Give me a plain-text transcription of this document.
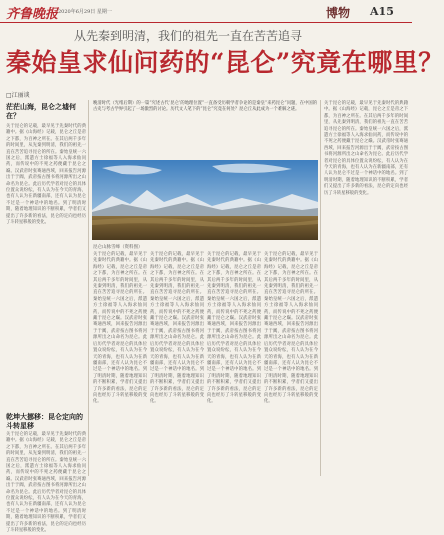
齐鲁晚报 2020年6月29日 星期一	博物 A15
从先秦到明清，我们的祖先一直在苦苦追寻
秦始皇求仙问药的“昆仑”究竟在哪里？
□江丽谈
茫茫山海，昆仑之墟何在？
关于昆仑的记载，最早见于先秦时代的典籍中。据《山海经》记载，昆仑之丘是帝之下都，为百神之所在。在其后两千多年的时间里，从先秦到明清，我们的祖先一直在苦苦追寻昆仑的所在。秦始皇统一六国之后，派遣方士徐福等人入海求仙问药，而传说中的不死之药便藏于昆仑之巅。汉武帝时张骞通西域，回来报告河源出于于阗，武帝按古图书将河源所出之山命名为昆仑。此后历代学者对昆仑的具体位置众说纷纭，有人认为在今天的青海，也有人认为在新疆南部，还有人认为昆仑不过是一个神话中的地名。到了明清时期，随着地理知识的不断积累，学者们又提出了许多新的看法，昆仑的定向也经历了斗转星移般的变化。
乾坤大挪移：昆仑定向的斗转星移
关于昆仑的记载，最早见于先秦时代的典籍中。据《山海经》记载，昆仑之丘是帝之下都，为百神之所在。在其后两千多年的时间里，从先秦到明清，我们的祖先一直在苦苦追寻昆仑的所在。秦始皇统一六国之后，派遣方士徐福等人入海求仙问药，而传说中的不死之药便藏于昆仑之巅。汉武帝时张骞通西域，回来报告河源出于于阗，武帝按古图书将河源所出之山命名为昆仑。此后历代学者对昆仑的具体位置众说纷纭，有人认为在今天的青海，也有人认为在新疆南部，还有人认为昆仑不过是一个神话中的地名。到了明清时期，随着地理知识的不断积累，学者们又提出了许多新的看法，昆仑的定向也经历了斗转星移般的变化。
晚清时代（光绪后期）的一篇“究述古代‘昆仑’的地理位置”一直备受历朝学者争论的是秦皇“来药昆仑”问题，在中国的古史与考古学界引起了一场激烈的讨论。历代文人笔下的“昆仑”究竟在何处？昆仑丘从此成为一个难解之谜。
昆仑山脉雪峰（资料图）
关于昆仑的记载，最早见于先秦时代的典籍中。据《山海经》记载，昆仑之丘是帝之下都，为百神之所在。在其后两千多年的时间里，从先秦到明清，我们的祖先一直在苦苦追寻昆仑的所在。秦始皇统一六国之后，派遣方士徐福等人入海求仙问药，而传说中的不死之药便藏于昆仑之巅。汉武帝时张骞通西域，回来报告河源出于于阗，武帝按古图书将河源所出之山命名为昆仑。此后历代学者对昆仑的具体位置众说纷纭，有人认为在今天的青海，也有人认为在新疆南部，还有人认为昆仑不过是一个神话中的地名。到了明清时期，随着地理知识的不断积累，学者们又提出了许多新的看法，昆仑的定向也经历了斗转星移般的变化。
关于昆仑的记载，最早见于先秦时代的典籍中。据《山海经》记载，昆仑之丘是帝之下都，为百神之所在。在其后两千多年的时间里，从先秦到明清，我们的祖先一直在苦苦追寻昆仑的所在。秦始皇统一六国之后，派遣方士徐福等人入海求仙问药，而传说中的不死之药便藏于昆仑之巅。汉武帝时张骞通西域，回来报告河源出于于阗，武帝按古图书将河源所出之山命名为昆仑。此后历代学者对昆仑的具体位置众说纷纭，有人认为在今天的青海，也有人认为在新疆南部，还有人认为昆仑不过是一个神话中的地名。到了明清时期，随着地理知识的不断积累，学者们又提出了许多新的看法，昆仑的定向也经历了斗转星移般的变化。
关于昆仑的记载，最早见于先秦时代的典籍中。据《山海经》记载，昆仑之丘是帝之下都，为百神之所在。在其后两千多年的时间里，从先秦到明清，我们的祖先一直在苦苦追寻昆仑的所在。秦始皇统一六国之后，派遣方士徐福等人入海求仙问药，而传说中的不死之药便藏于昆仑之巅。汉武帝时张骞通西域，回来报告河源出于于阗，武帝按古图书将河源所出之山命名为昆仑。此后历代学者对昆仑的具体位置众说纷纭，有人认为在今天的青海，也有人认为在新疆南部，还有人认为昆仑不过是一个神话中的地名。到了明清时期，随着地理知识的不断积累，学者们又提出了许多新的看法，昆仑的定向也经历了斗转星移般的变化。
关于昆仑的记载，最早见于先秦时代的典籍中。据《山海经》记载，昆仑之丘是帝之下都，为百神之所在。在其后两千多年的时间里，从先秦到明清，我们的祖先一直在苦苦追寻昆仑的所在。秦始皇统一六国之后，派遣方士徐福等人入海求仙问药，而传说中的不死之药便藏于昆仑之巅。汉武帝时张骞通西域，回来报告河源出于于阗，武帝按古图书将河源所出之山命名为昆仑。此后历代学者对昆仑的具体位置众说纷纭，有人认为在今天的青海，也有人认为在新疆南部，还有人认为昆仑不过是一个神话中的地名。到了明清时期，随着地理知识的不断积累，学者们又提出了许多新的看法，昆仑的定向也经历了斗转星移般的变化。
关于昆仑的记载，最早见于先秦时代的典籍中。据《山海经》记载，昆仑之丘是帝之下都，为百神之所在。在其后两千多年的时间里，从先秦到明清，我们的祖先一直在苦苦追寻昆仑的所在。秦始皇统一六国之后，派遣方士徐福等人入海求仙问药，而传说中的不死之药便藏于昆仑之巅。汉武帝时张骞通西域，回来报告河源出于于阗，武帝按古图书将河源所出之山命名为昆仑。此后历代学者对昆仑的具体位置众说纷纭，有人认为在今天的青海，也有人认为在新疆南部，还有人认为昆仑不过是一个神话中的地名。到了明清时期，随着地理知识的不断积累，学者们又提出了许多新的看法，昆仑的定向也经历了斗转星移般的变化。
